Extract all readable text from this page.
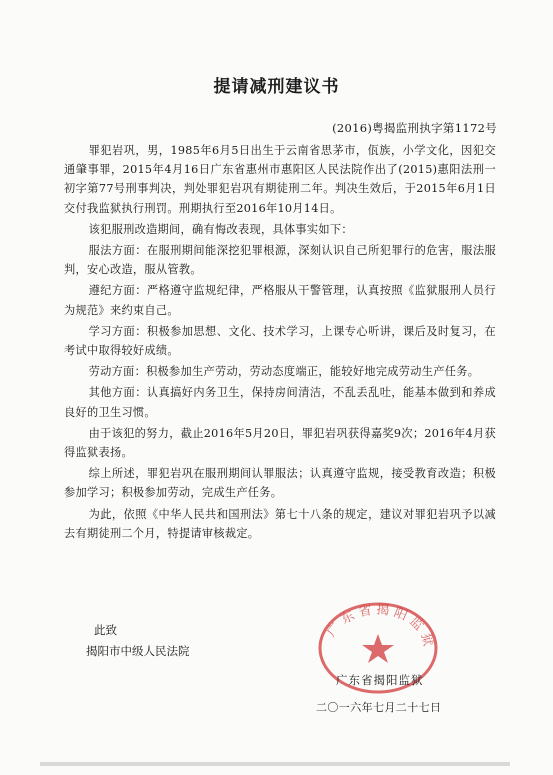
提请减刑建议书
(2016)粤揭监刑执字第1172号

罪犯岩巩，男，1985年6月5日出生于云南省思茅市，佤族，小学文化，因犯交通肇事罪，2015年4月16日广东省惠州市惠阳区人民法院作出了(2015)惠阳法刑一初字第77号刑事判决，判处罪犯岩巩有期徒刑二年。判决生效后，于2015年6月1日交付我监狱执行刑罚。刑期执行至2016年10月14日。

该犯服刑改造期间，确有悔改表现，具体事实如下：

服法方面：在服刑期间能深挖犯罪根源，深刻认识自己所犯罪行的危害，服法服判，安心改造，服从管教。

遵纪方面：严格遵守监规纪律，严格服从干警管理，认真按照《监狱服刑人员行为规范》来约束自己。

学习方面：积极参加思想、文化、技术学习，上课专心听讲，课后及时复习，在考试中取得较好成绩。

劳动方面：积极参加生产劳动，劳动态度端正，能较好地完成劳动生产任务。

其他方面：认真搞好内务卫生，保持房间清洁，不乱丢乱吐，能基本做到和养成良好的卫生习惯。

由于该犯的努力，截止2016年5月20日，罪犯岩巩获得嘉奖9次；2016年4月获得监狱表扬。

综上所述，罪犯岩巩在服刑期间认罪服法；认真遵守监规，接受教育改造；积极参加学习；积极参加劳动，完成生产任务。

为此，依照《中华人民共和国刑法》第七十八条的规定，建议对罪犯岩巩予以减去有期徒刑二个月，特提请审核裁定。

此致
揭阳市中级人民法院
广东省揭阳监狱
广东省揭阳监狱
二〇一六年七月二十七日
